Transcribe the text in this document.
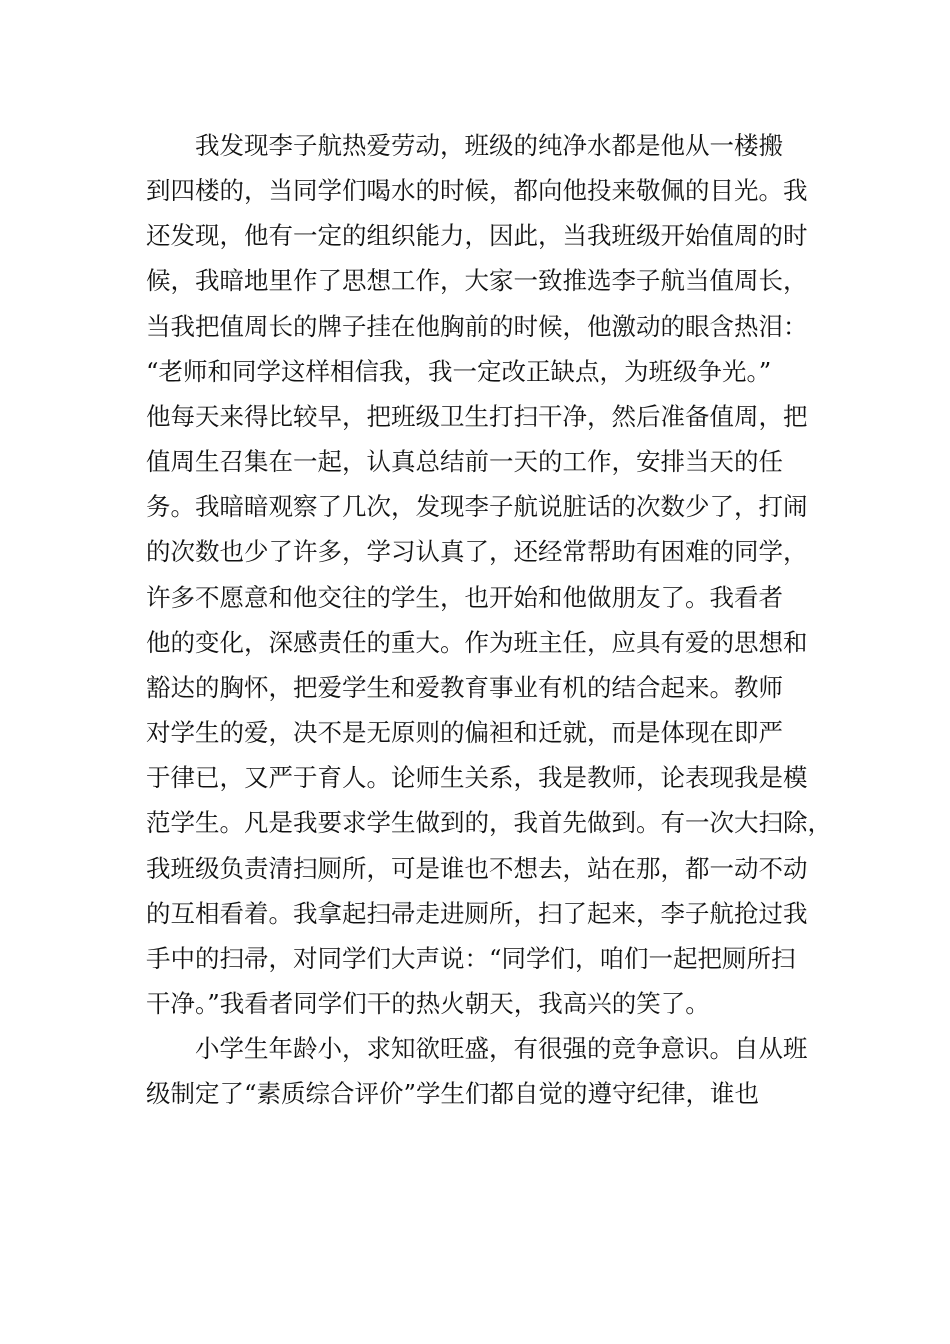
我发现李子航热爱劳动，班级的纯净水都是他从一楼搬
到四楼的，当同学们喝水的时候，都向他投来敬佩的目光。我
还发现，他有一定的组织能力，因此，当我班级开始值周的时
候，我暗地里作了思想工作，大家一致推选李子航当值周长，
当我把值周长的牌子挂在他胸前的时候，他激动的眼含热泪：
“老师和同学这样相信我，我一定改正缺点，为班级争光。”
他每天来得比较早，把班级卫生打扫干净，然后准备值周，把
值周生召集在一起，认真总结前一天的工作，安排当天的任
务。我暗暗观察了几次，发现李子航说脏话的次数少了，打闹
的次数也少了许多，学习认真了，还经常帮助有困难的同学，
许多不愿意和他交往的学生，也开始和他做朋友了。我看者
他的变化，深感责任的重大。作为班主任，应具有爱的思想和
豁达的胸怀，把爱学生和爱教育事业有机的结合起来。教师
对学生的爱，决不是无原则的偏袒和迁就，而是体现在即严
于律已，又严于育人。论师生关系，我是教师，论表现我是模
范学生。凡是我要求学生做到的，我首先做到。有一次大扫除，
我班级负责清扫厕所，可是谁也不想去，站在那，都一动不动
的互相看着。我拿起扫帚走进厕所，扫了起来，李子航抢过我
手中的扫帚，对同学们大声说：“同学们，咱们一起把厕所扫
干净。”我看者同学们干的热火朝天，我高兴的笑了。
小学生年龄小，求知欲旺盛，有很强的竞争意识。自从班
级制定了“素质综合评价”学生们都自觉的遵守纪律，谁也
